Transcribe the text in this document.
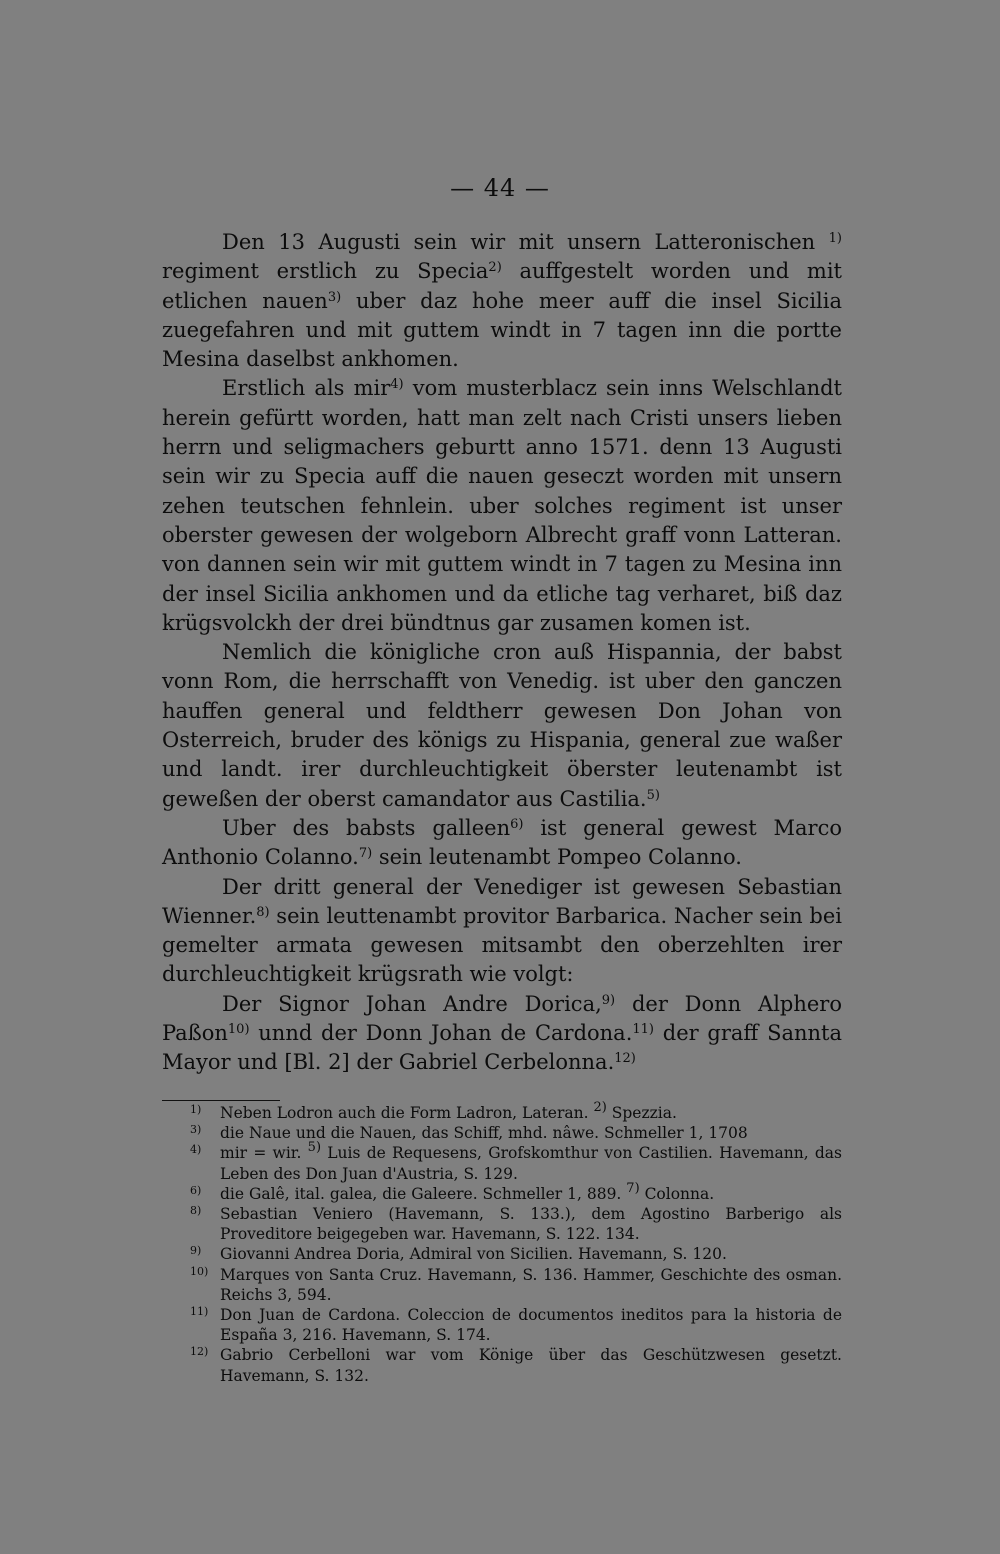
— 44 —

Den 13 Augusti sein wir mit unsern Latteronischen $^{1)}$ regiment erstlich zu Specia$^{2)}$ auffgestelt worden und mit etlichen nauen$^{3)}$ uber daz hohe meer auff die insel Sicilia zuegefahren und mit guttem windt in 7 tagen inn die portte Mesina daselbst ankhomen.

Erstlich als mir$^{4)}$ vom musterblacz sein inns Welschlandt herein gefürtt worden, hatt man zelt nach Cristi unsers lieben herrn und seligmachers geburtt anno 1571. denn 13 Augusti sein wir zu Specia auff die nauen geseczt worden mit unsern zehen teutschen fehnlein. uber solches regiment ist unser oberster gewesen der wolgeborn Albrecht graff vonn Latteran. von dannen sein wir mit guttem windt in 7 tagen zu Mesina inn der insel Sicilia ankhomen und da etliche tag verharet, biß daz krügsvolckh der drei bündtnus gar zusamen komen ist.

Nemlich die königliche cron auß Hispannia, der babst vonn Rom, die herrschafft von Venedig. ist uber den ganczen hauffen general und feldtherr gewesen Don Johan von Osterreich, bruder des königs zu Hispania, general zue waßer und landt. irer durchleuchtigkeit öberster leutenambt ist geweßen der oberst camandator aus Castilia.$^{5)}$

Uber des babsts galleen$^{6)}$ ist general gewest Marco Anthonio Colanno.$^{7)}$ sein leutenambt Pompeo Colanno.

Der dritt general der Venediger ist gewesen Sebastian Wienner.$^{8)}$ sein leuttenambt provitor Barbarica. Nacher sein bei gemelter armata gewesen mitsambt den oberzehlten irer durchleuchtigkeit krügsrath wie volgt:

Der Signor Johan Andre Dorica,$^{9)}$ der Donn Alphero Paßon$^{10)}$ unnd der Donn Johan de Cardona.$^{11)}$ der graff Sannta Mayor und [Bl. 2] der Gabriel Cerbelonna.$^{12)}$

$^{1)}$ Neben Lodron auch die Form Ladron, Lateran. $^{2)}$ Spezzia.
$^{3)}$ die Naue und die Nauen, das Schiff, mhd. nâwe. Schmeller 1, 1708
$^{4)}$ mir = wir. $^{5)}$ Luis de Requesens, Grofskomthur von Castilien. Havemann, das Leben des Don Juan d'Austria, S. 129.
$^{6)}$ die Galê, ital. galea, die Galeere. Schmeller 1, 889. $^{7)}$ Colonna.
$^{8)}$ Sebastian Veniero (Havemann, S. 133.), dem Agostino Barberigo als Proveditore beigegeben war. Havemann, S. 122. 134.
$^{9)}$ Giovanni Andrea Doria, Admiral von Sicilien. Havemann, S. 120.
$^{10)}$ Marques von Santa Cruz. Havemann, S. 136. Hammer, Geschichte des osman. Reichs 3, 594.
$^{11)}$ Don Juan de Cardona. Coleccion de documentos ineditos para la historia de España 3, 216. Havemann, S. 174.
$^{12)}$ Gabrio Cerbelloni war vom Könige über das Geschützwesen gesetzt. Havemann, S. 132.
